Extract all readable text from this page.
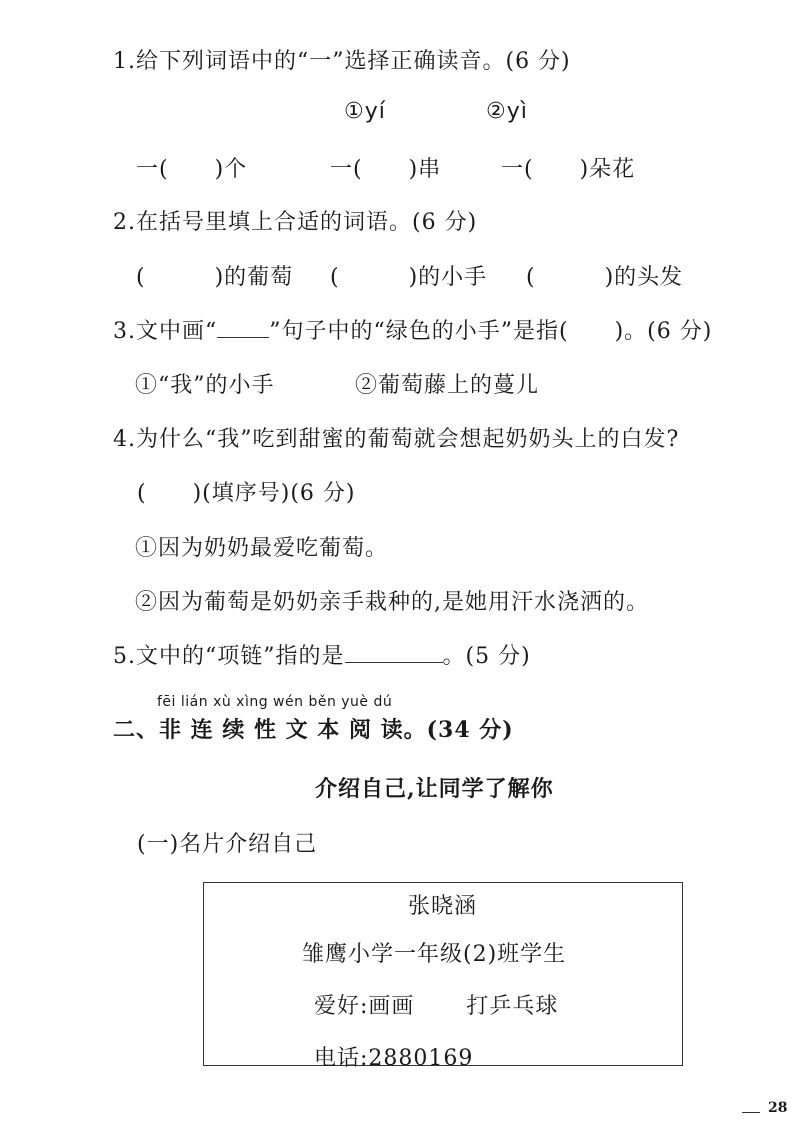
1.给下列词语中的“一”选择正确读音。(6 分)
①yí	②yì
一(　　)个	一(　　)串	一(　　)朵花
2.在括号里填上合适的词语。(6 分)
(　　　)的葡萄 (　　　)的小手 (　　　)的头发
3.文中画“ ”句子中的“绿色的小手”是指(　　)。(6 分)
①“我”的小手	②葡萄藤上的蔓儿
4.为什么“我”吃到甜蜜的葡萄就会想起奶奶头上的白发?
(　　)(填序号)(6 分)
①因为奶奶最爱吃葡萄。
②因为葡萄是奶奶亲手栽种的,是她用汗水浇洒的。
5.文中的“项链”指的是	。(5 分)
fēi lián xù xìng wén běn yuè dú
二、非 连 续 性 文 本 阅 读。(34 分)
介绍自己,让同学了解你
(一)名片介绍自己
张晓涵
雏鹰小学一年级(2)班学生
爱好:画画 打乒乓球
电话:2880169
28
